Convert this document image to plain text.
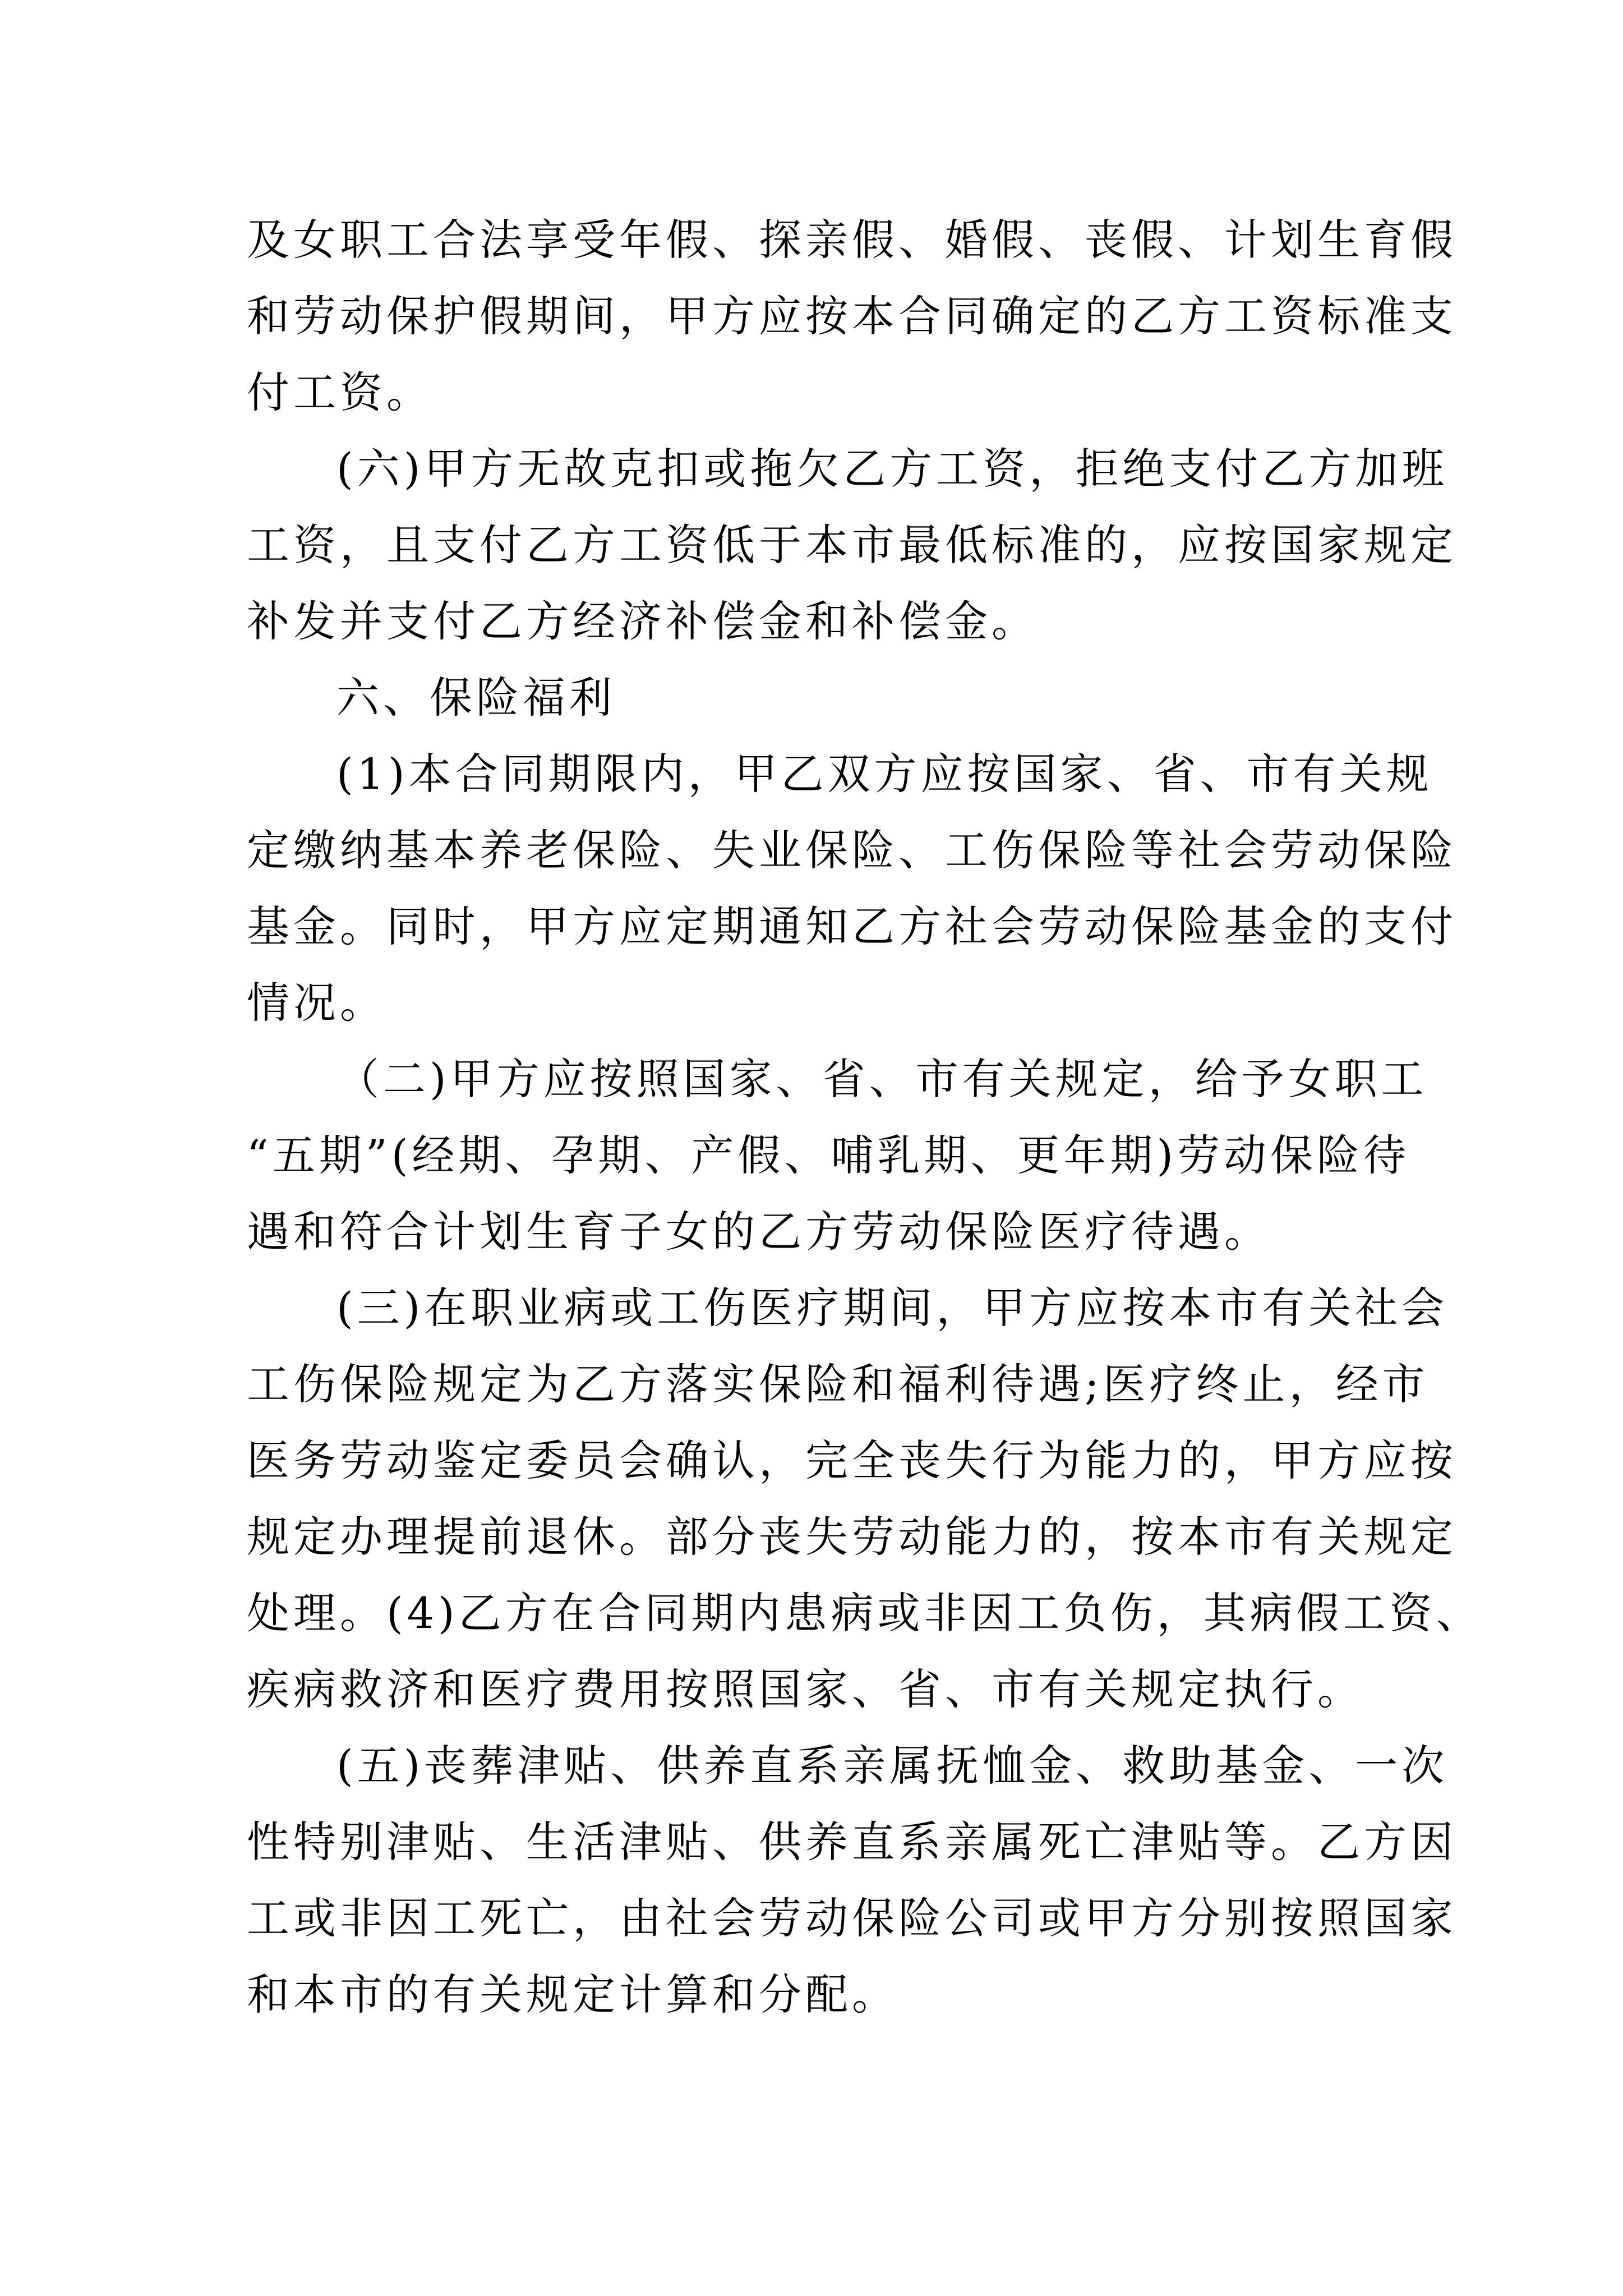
及女职工合法享受年假、探亲假、婚假、丧假、计划生育假
和劳动保护假期间，甲方应按本合同确定的乙方工资标准支
付工资。
(六)甲方无故克扣或拖欠乙方工资，拒绝支付乙方加班
工资，且支付乙方工资低于本市最低标准的，应按国家规定
补发并支付乙方经济补偿金和补偿金。
六、保险福利
(1)本合同期限内，甲乙双方应按国家、省、市有关规
定缴纳基本养老保险、失业保险、工伤保险等社会劳动保险
基金。同时，甲方应定期通知乙方社会劳动保险基金的支付
情况。
（二)甲方应按照国家、省、市有关规定，给予女职工
“五期”(经期、孕期、产假、哺乳期、更年期)劳动保险待
遇和符合计划生育子女的乙方劳动保险医疗待遇。
(三)在职业病或工伤医疗期间，甲方应按本市有关社会
工伤保险规定为乙方落实保险和福利待遇;医疗终止，经市
医务劳动鉴定委员会确认，完全丧失行为能力的，甲方应按
规定办理提前退休。部分丧失劳动能力的，按本市有关规定
处理。(4)乙方在合同期内患病或非因工负伤，其病假工资、
疾病救济和医疗费用按照国家、省、市有关规定执行。
(五)丧葬津贴、供养直系亲属抚恤金、救助基金、一次
性特别津贴、生活津贴、供养直系亲属死亡津贴等。乙方因
工或非因工死亡，由社会劳动保险公司或甲方分别按照国家
和本市的有关规定计算和分配。
